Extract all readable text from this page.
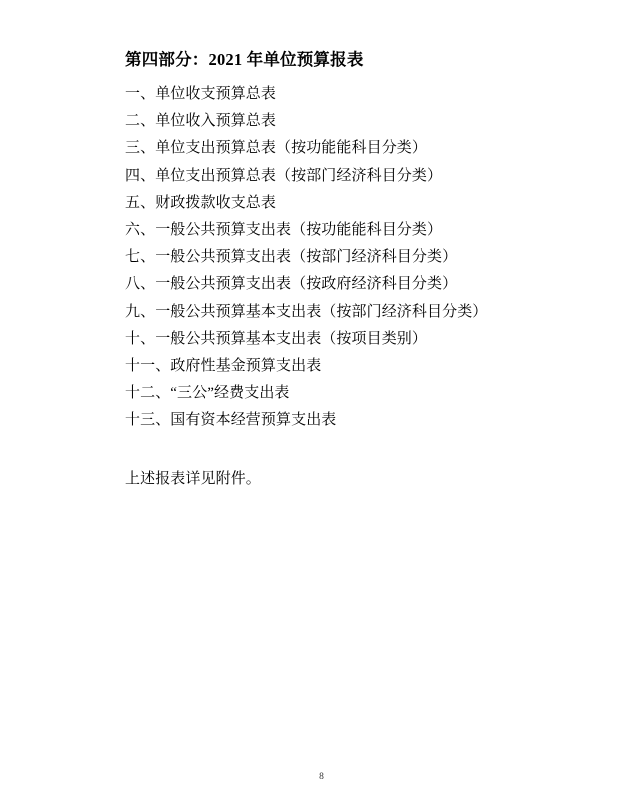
第四部分：2021 年单位预算报表
一、单位收支预算总表
二、单位收入预算总表
三、单位支出预算总表（按功能能科目分类）
四、单位支出预算总表（按部门经济科目分类）
五、财政拨款收支总表
六、一般公共预算支出表（按功能能科目分类）
七、一般公共预算支出表（按部门经济科目分类）
八、一般公共预算支出表（按政府经济科目分类）
九、一般公共预算基本支出表（按部门经济科目分类）
十、一般公共预算基本支出表（按项目类别）
十一、政府性基金预算支出表
十二、“三公”经费支出表
十三、国有资本经营预算支出表

上述报表详见附件。

8
